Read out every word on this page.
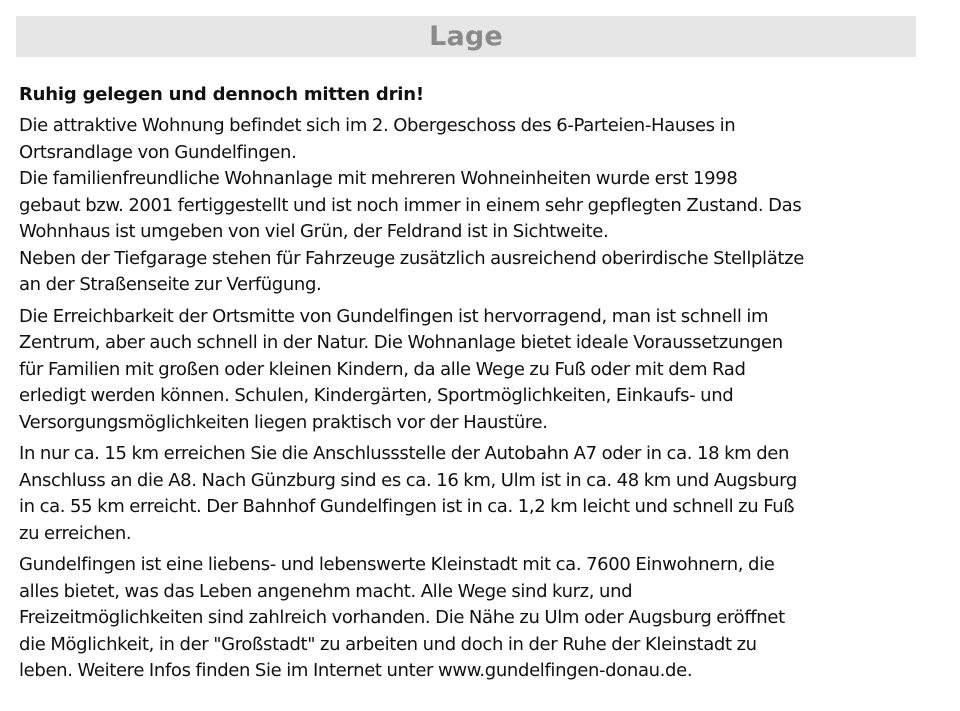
Lage
Ruhig gelegen und dennoch mitten drin!

Die attraktive Wohnung befindet sich im 2. Obergeschoss des 6-Parteien-Hauses in
Ortsrandlage von Gundelfingen.
Die familienfreundliche Wohnanlage mit mehreren Wohneinheiten wurde erst 1998
gebaut bzw. 2001 fertiggestellt und ist noch immer in einem sehr gepflegten Zustand. Das
Wohnhaus ist umgeben von viel Grün, der Feldrand ist in Sichtweite.
Neben der Tiefgarage stehen für Fahrzeuge zusätzlich ausreichend oberirdische Stellplätze
an der Straßenseite zur Verfügung.

Die Erreichbarkeit der Ortsmitte von Gundelfingen ist hervorragend, man ist schnell im
Zentrum, aber auch schnell in der Natur. Die Wohnanlage bietet ideale Voraussetzungen
für Familien mit großen oder kleinen Kindern, da alle Wege zu Fuß oder mit dem Rad
erledigt werden können. Schulen, Kindergärten, Sportmöglichkeiten, Einkaufs- und
Versorgungsmöglichkeiten liegen praktisch vor der Haustüre.

In nur ca. 15 km erreichen Sie die Anschlussstelle der Autobahn A7 oder in ca. 18 km den
Anschluss an die A8. Nach Günzburg sind es ca. 16 km, Ulm ist in ca. 48 km und Augsburg
in ca. 55 km erreicht. Der Bahnhof Gundelfingen ist in ca. 1,2 km leicht und schnell zu Fuß
zu erreichen.

Gundelfingen ist eine liebens- und lebenswerte Kleinstadt mit ca. 7600 Einwohnern, die
alles bietet, was das Leben angenehm macht. Alle Wege sind kurz, und
Freizeitmöglichkeiten sind zahlreich vorhanden. Die Nähe zu Ulm oder Augsburg eröffnet
die Möglichkeit, in der "Großstadt" zu arbeiten und doch in der Ruhe der Kleinstadt zu
leben. Weitere Infos finden Sie im Internet unter www.gundelfingen-donau.de.
